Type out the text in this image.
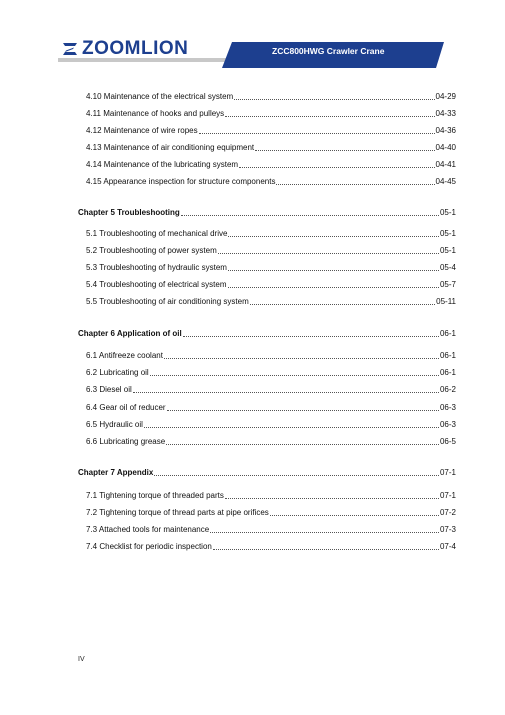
ZOOMLION	ZCC800HWG Crawler Crane
4.10 Maintenance of the electrical system	04-29
4.11 Maintenance of hooks and pulleys	04-33
4.12 Maintenance of wire ropes	04-36
4.13 Maintenance of air conditioning equipment	04-40
4.14 Maintenance of the lubricating system	04-41
4.15 Appearance inspection for structure components	04-45
Chapter 5 Troubleshooting	05-1
5.1 Troubleshooting of mechanical drive	05-1
5.2 Troubleshooting of power system	05-1
5.3 Troubleshooting of hydraulic system	05-4
5.4 Troubleshooting of electrical system	05-7
5.5 Troubleshooting of air conditioning system	05-11
Chapter 6 Application of oil	06-1
6.1 Antifreeze coolant	06-1
6.2 Lubricating oil	06-1
6.3 Diesel oil	06-2
6.4 Gear oil of reducer	06-3
6.5 Hydraulic oil	06-3
6.6 Lubricating grease	06-5
Chapter 7 Appendix	07-1
7.1 Tightening torque of threaded parts	07-1
7.2 Tightening torque of thread parts at pipe orifices	07-2
7.3 Attached tools for maintenance	07-3
7.4 Checklist for periodic inspection	07-4
IV
